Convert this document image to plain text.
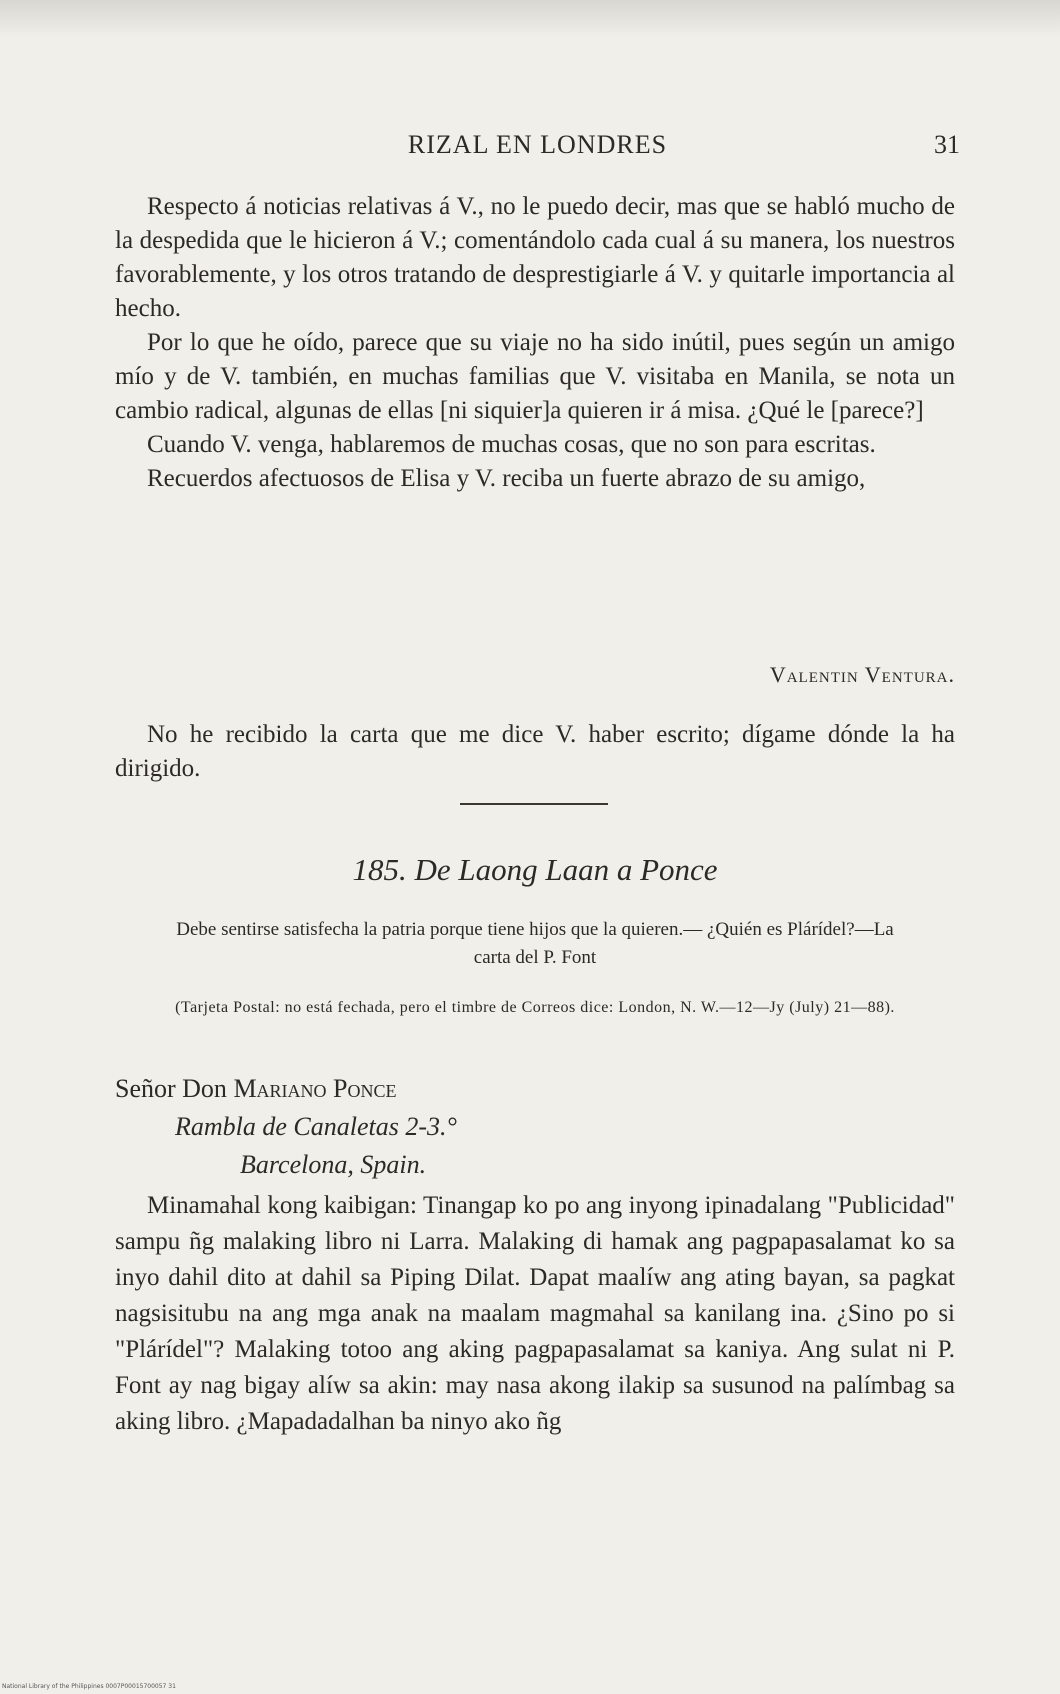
RIZAL EN LONDRES	31

Respecto á noticias relativas á V., no le puedo decir, mas que se habló mucho de la despedida que le hicieron á V.; comentándolo cada cual á su manera, los nuestros favorablemente, y los otros tratando de desprestigiarle á V. y quitarle importancia al hecho.

Por lo que he oído, parece que su viaje no ha sido inútil, pues según un amigo mío y de V. también, en muchas familias que V. visitaba en Manila, se nota un cambio radical, algunas de ellas [ni siquier]a quieren ir á misa. ¿Qué le [parece?]

Cuando V. venga, hablaremos de muchas cosas, que no son para escritas.

Recuerdos afectuosos de Elisa y V. reciba un fuerte abrazo de su amigo,

Valentin Ventura.

No he recibido la carta que me dice V. haber escrito; dígame dónde la ha dirigido.

185. De Laong Laan a Ponce
Debe sentirse satisfecha la patria porque tiene hijos que la quieren.— ¿Quién es Plárídel?—La carta del P. Font
(Tarjeta Postal: no está fechada, pero el timbre de Correos dice: London, N. W.—12—Jy (July) 21—88).
Señor Don Mariano Ponce
Rambla de Canaletas 2-3.°
Barcelona, Spain.

Minamahal kong kaibigan: Tinangap ko po ang inyong ipinadalang "Publicidad" sampu ñg malaking libro ni Larra. Malaking di hamak ang pagpapasalamat ko sa inyo dahil dito at dahil sa Piping Dilat. Dapat maalíw ang ating bayan, sa pagkat nagsisitubu na ang mga anak na maalam magmahal sa kanilang ina. ¿Sino po si "Plárídel"? Malaking totoo ang aking pagpapasalamat sa kaniya. Ang sulat ni P. Font ay nag bigay alíw sa akin: may nasa akong ilakip sa susunod na palímbag sa aking libro. ¿Mapadadalhan ba ninyo ako ñg

National Library of the Philippines 0007P00015700057 31
